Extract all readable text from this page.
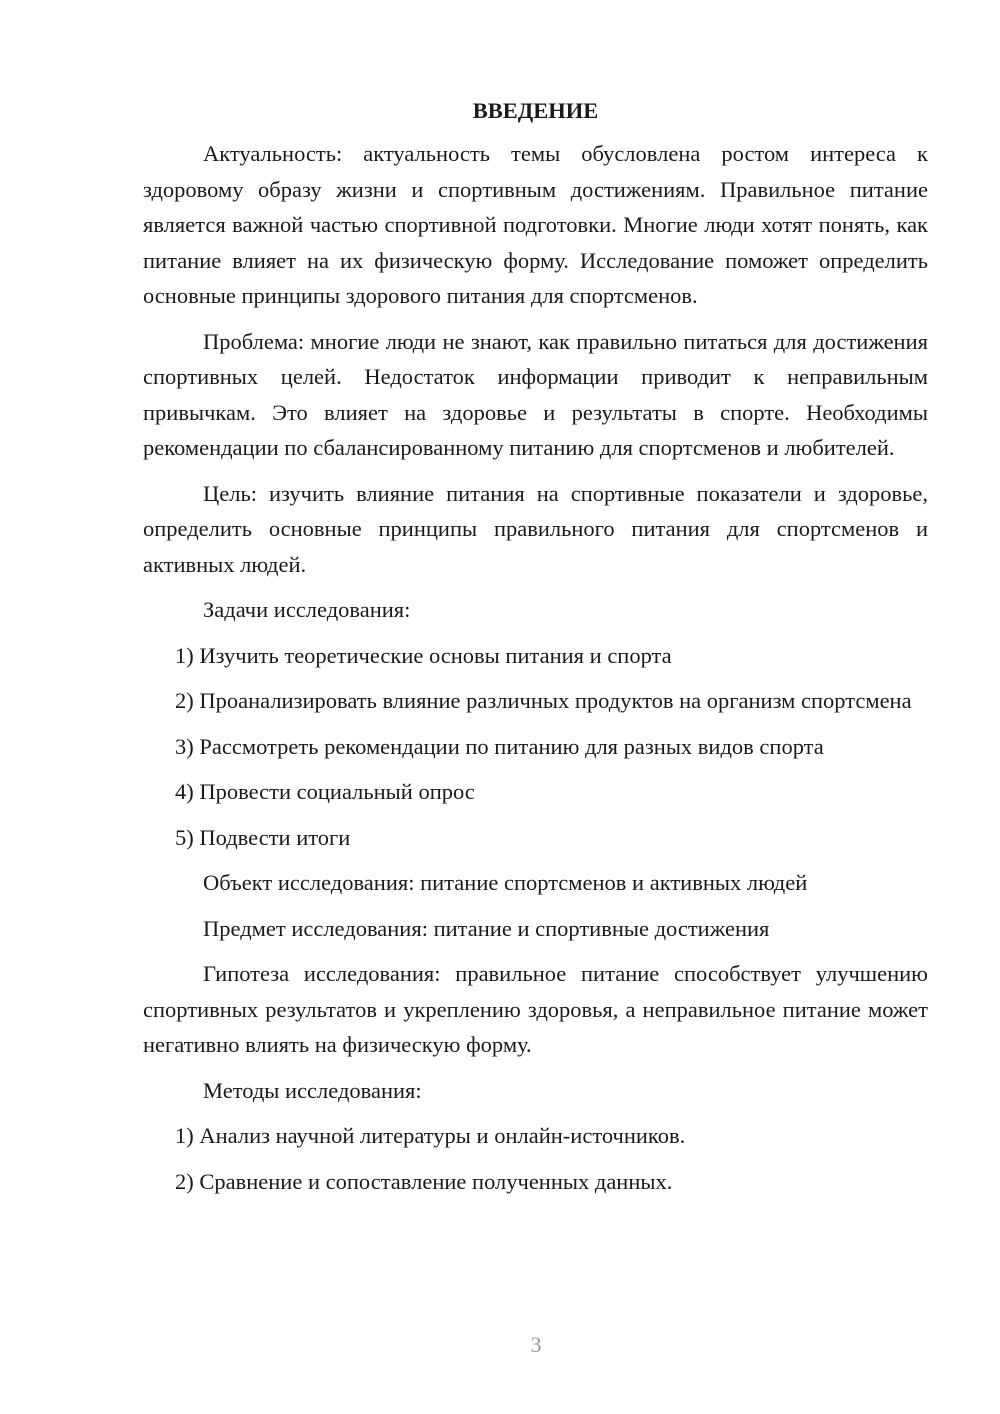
ВВЕДЕНИЕ

Актуальность: актуальность темы обусловлена ростом интереса к здоровому образу жизни и спортивным достижениям. Правильное питание является важной частью спортивной подготовки. Многие люди хотят понять, как питание влияет на их физическую форму. Исследование поможет определить основные принципы здорового питания для спортсменов.

Проблема: многие люди не знают, как правильно питаться для достижения спортивных целей. Недостаток информации приводит к неправильным привычкам. Это влияет на здоровье и результаты в спорте. Необходимы рекомендации по сбалансированному питанию для спортсменов и любителей.

Цель: изучить влияние питания на спортивные показатели и здоровье, определить основные принципы правильного питания для спортсменов и активных людей.

Задачи исследования:

1) Изучить теоретические основы питания и спорта

2) Проанализировать влияние различных продуктов на организм спортсмена

3) Рассмотреть рекомендации по питанию для разных видов спорта

4) Провести социальный опрос

5) Подвести итоги

Объект исследования: питание спортсменов и активных людей

Предмет исследования: питание и спортивные достижения

Гипотеза исследования: правильное питание способствует улучшению спортивных результатов и укреплению здоровья, а неправильное питание может негативно влиять на физическую форму.

Методы исследования:

1) Анализ научной литературы и онлайн-источников.

2) Сравнение и сопоставление полученных данных.

3
